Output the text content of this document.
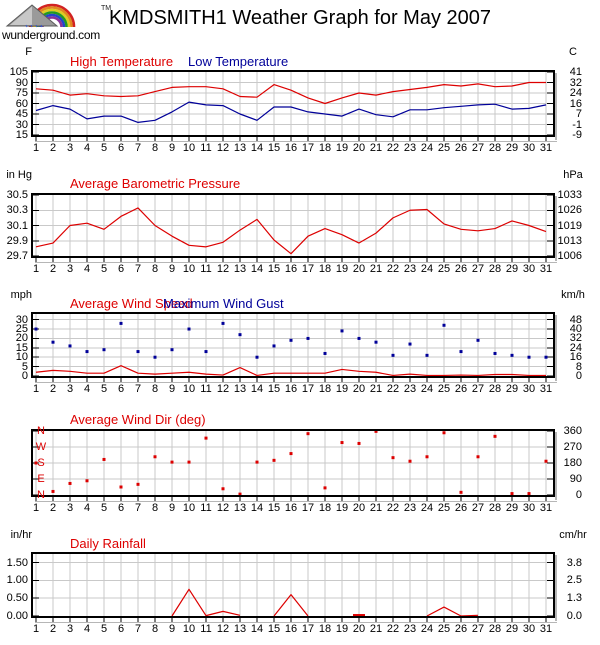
TM
wunderground.com
KMDSMITH1 Weather Graph for May 2007
F	C
High Temperature Low Temperature
105	41
90	32
75	24
60	16
45	7
30	-1
15	-9
1 2 3 4 5 6 7 8 9 10 11 12 13 14 15 16 17 18 19 20 21 22 23 24 25 26 27 28 29 30 31
in Hg	hPa
Average Barometric Pressure
30.5	1033
30.3	1026
30.1	1019
29.9	1013
29.7	1006
1 2 3 4 5 6 7 8 9 10 11 12 13 14 15 16 17 18 19 20 21 22 23 24 25 26 27 28 29 30 31
mph	km/h
Average Wind Speed
Maximum Wind Gust
30	48
25	40
20	32
15	24
10	16
5	8
0	0
1 2 3 4 5 6 7 8 9 10 11 12 13 14 15 16 17 18 19 20 21 22 23 24 25 26 27 28 29 30 31
Average Wind Dir (deg)
N	360
W	270
S	180
E	90
N	0
1 2 3 4 5 6 7 8 9 10 11 12 13 14 15 16 17 18 19 20 21 22 23 24 25 26 27 28 29 30 31
in/hr	cm/hr
Daily Rainfall
1.50	3.8
1.00	2.5
0.50	1.3
0.00	0.0
1 2 3 4 5 6 7 8 9 10 11 12 13 14 15 16 17 18 19 20 21 22 23 24 25 26 27 28 29 30 31
